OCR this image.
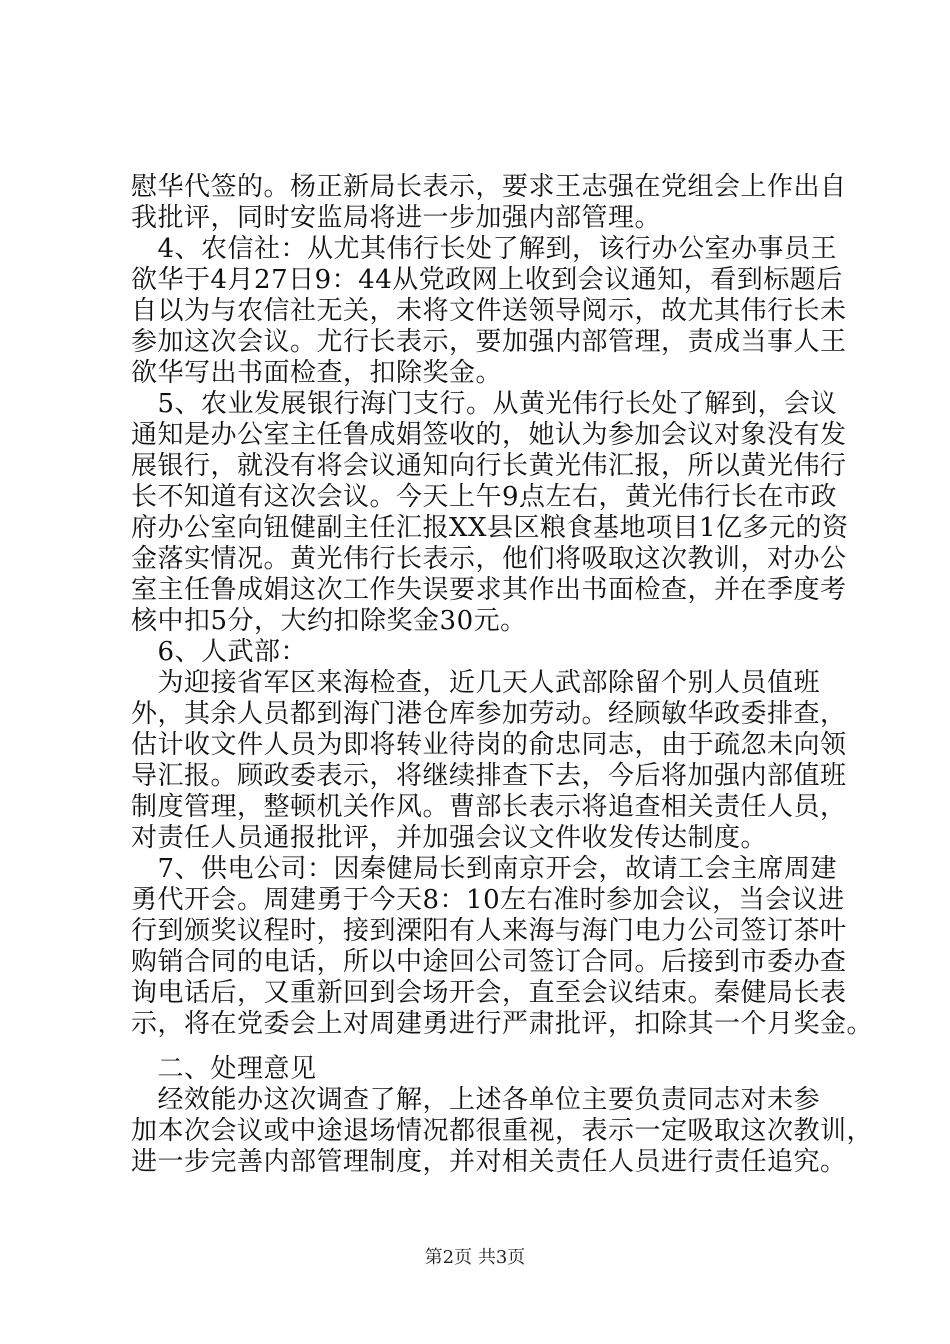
慰华代签的。杨正新局长表示，要求王志强在党组会上作出自
我批评，同时安监局将进一步加强内部管理。
　4、农信社：从尤其伟行长处了解到，该行办公室办事员王
欲华于4月27日9：44从党政网上收到会议通知，看到标题后
自以为与农信社无关，未将文件送领导阅示，故尤其伟行长未
参加这次会议。尤行长表示，要加强内部管理，责成当事人王
欲华写出书面检查，扣除奖金。
　5、农业发展银行海门支行。从黄光伟行长处了解到，会议
通知是办公室主任鲁成娟签收的，她认为参加会议对象没有发
展银行，就没有将会议通知向行长黄光伟汇报，所以黄光伟行
长不知道有这次会议。今天上午9点左右，黄光伟行长在市政
府办公室向钮健副主任汇报XX县区粮食基地项目1亿多元的资
金落实情况。黄光伟行长表示，他们将吸取这次教训，对办公
室主任鲁成娟这次工作失误要求其作出书面检查，并在季度考
核中扣5分，大约扣除奖金30元。
　6、人武部：
　为迎接省军区来海检查，近几天人武部除留个别人员值班
外，其余人员都到海门港仓库参加劳动。经顾敏华政委排查，
估计收文件人员为即将转业待岗的俞忠同志，由于疏忽未向领
导汇报。顾政委表示，将继续排查下去，今后将加强内部值班
制度管理，整顿机关作风。曹部长表示将追查相关责任人员，
对责任人员通报批评，并加强会议文件收发传达制度。
　7、供电公司：因秦健局长到南京开会，故请工会主席周建
勇代开会。周建勇于今天8：10左右准时参加会议，当会议进
行到颁奖议程时，接到溧阳有人来海与海门电力公司签订茶叶
购销合同的电话，所以中途回公司签订合同。后接到市委办查
询电话后，又重新回到会场开会，直至会议结束。秦健局长表
示，将在党委会上对周建勇进行严肃批评，扣除其一个月奖金。
　二、处理意见
　经效能办这次调查了解，上述各单位主要负责同志对未参
加本次会议或中途退场情况都很重视，表示一定吸取这次教训，
进一步完善内部管理制度，并对相关责任人员进行责任追究。
第2页 共3页
